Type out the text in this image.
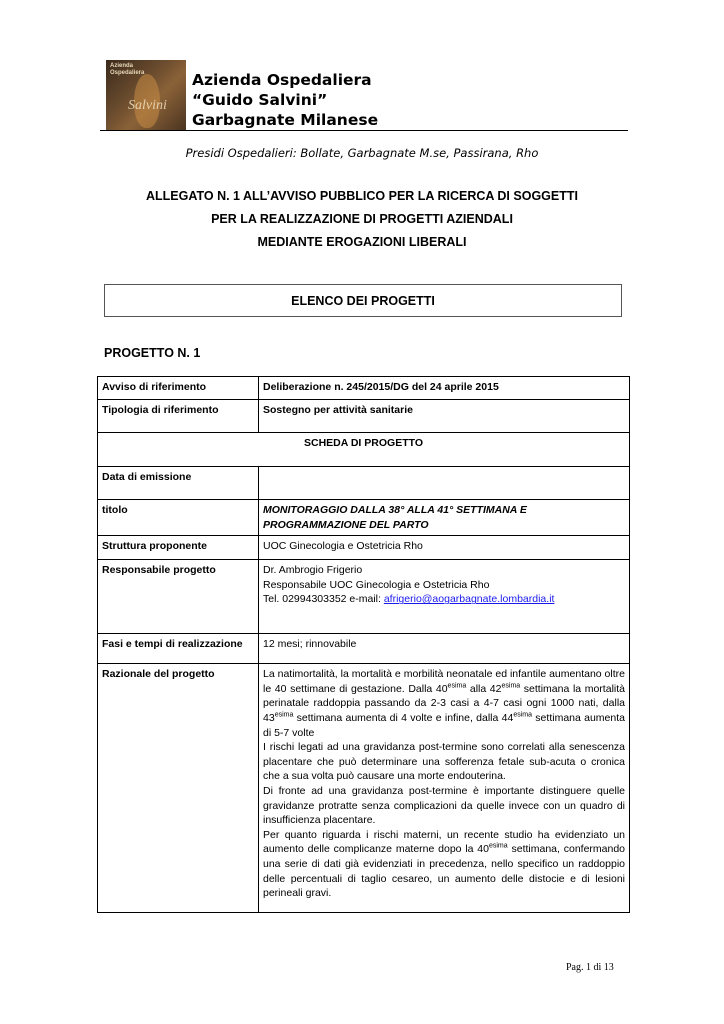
Azienda
Ospedaliera
Salvini
Azienda Ospedaliera
“Guido Salvini”
Garbagnate Milanese
Presidi Ospedalieri: Bollate, Garbagnate M.se, Passirana, Rho
ALLEGATO N. 1 ALL’AVVISO PUBBLICO PER LA RICERCA DI SOGGETTI
PER LA REALIZZAZIONE DI PROGETTI AZIENDALI
MEDIANTE EROGAZIONI LIBERALI
ELENCO DEI PROGETTI
PROGETTO N. 1
Avviso di riferimento	Deliberazione n. 245/2015/DG del 24 aprile 2015
Tipologia di riferimento	Sostegno per attività sanitarie
SCHEDA DI PROGETTO	
Data di emissione	
titolo	MONITORAGGIO DALLA 38° ALLA 41° SETTIMANA E PROGRAMMAZIONE DEL PARTO
Struttura proponente	UOC Ginecologia e Ostetricia Rho
Responsabile progetto	Dr. Ambrogio Frigerio
Responsabile UOC Ginecologia e Ostetricia Rho
Tel. 02994303352 e-mail: afrigerio@aogarbagnate.lombardia.it

Fasi e tempi di realizzazione	12 mesi; rinnovabile
Razionale del progetto	La natimortalità, la mortalità e morbilità neonatale ed infantile aumentano oltre le 40 settimane di gestazione. Dalla $40^{esima}$ alla $42^{esima}$ settimana la mortalità perinatale raddoppia passando da 2-3 casi a 4-7 casi ogni 1000 nati, dalla $43^{esima}$ settimana aumenta di 4 volte e infine, dalla $44^{esima}$ settimana aumenta di 5-7 volte

I rischi legati ad una gravidanza post-termine sono correlati alla senescenza placentare che può determinare una sofferenza fetale sub-acuta o cronica che a sua volta può causare una morte endouterina.

Di fronte ad una gravidanza post-termine è importante distinguere quelle gravidanze protratte senza complicazioni da quelle invece con un quadro di insufficienza placentare.

Per quanto riguarda i rischi materni, un recente studio ha evidenziato un aumento delle complicanze materne dopo la $40^{esima}$ settimana, confermando una serie di dati già evidenziati in precedenza, nello specifico un raddoppio delle percentuali di taglio cesareo, un aumento delle distocie e di lesioni perineali gravi.

Pag. 1 di 13
